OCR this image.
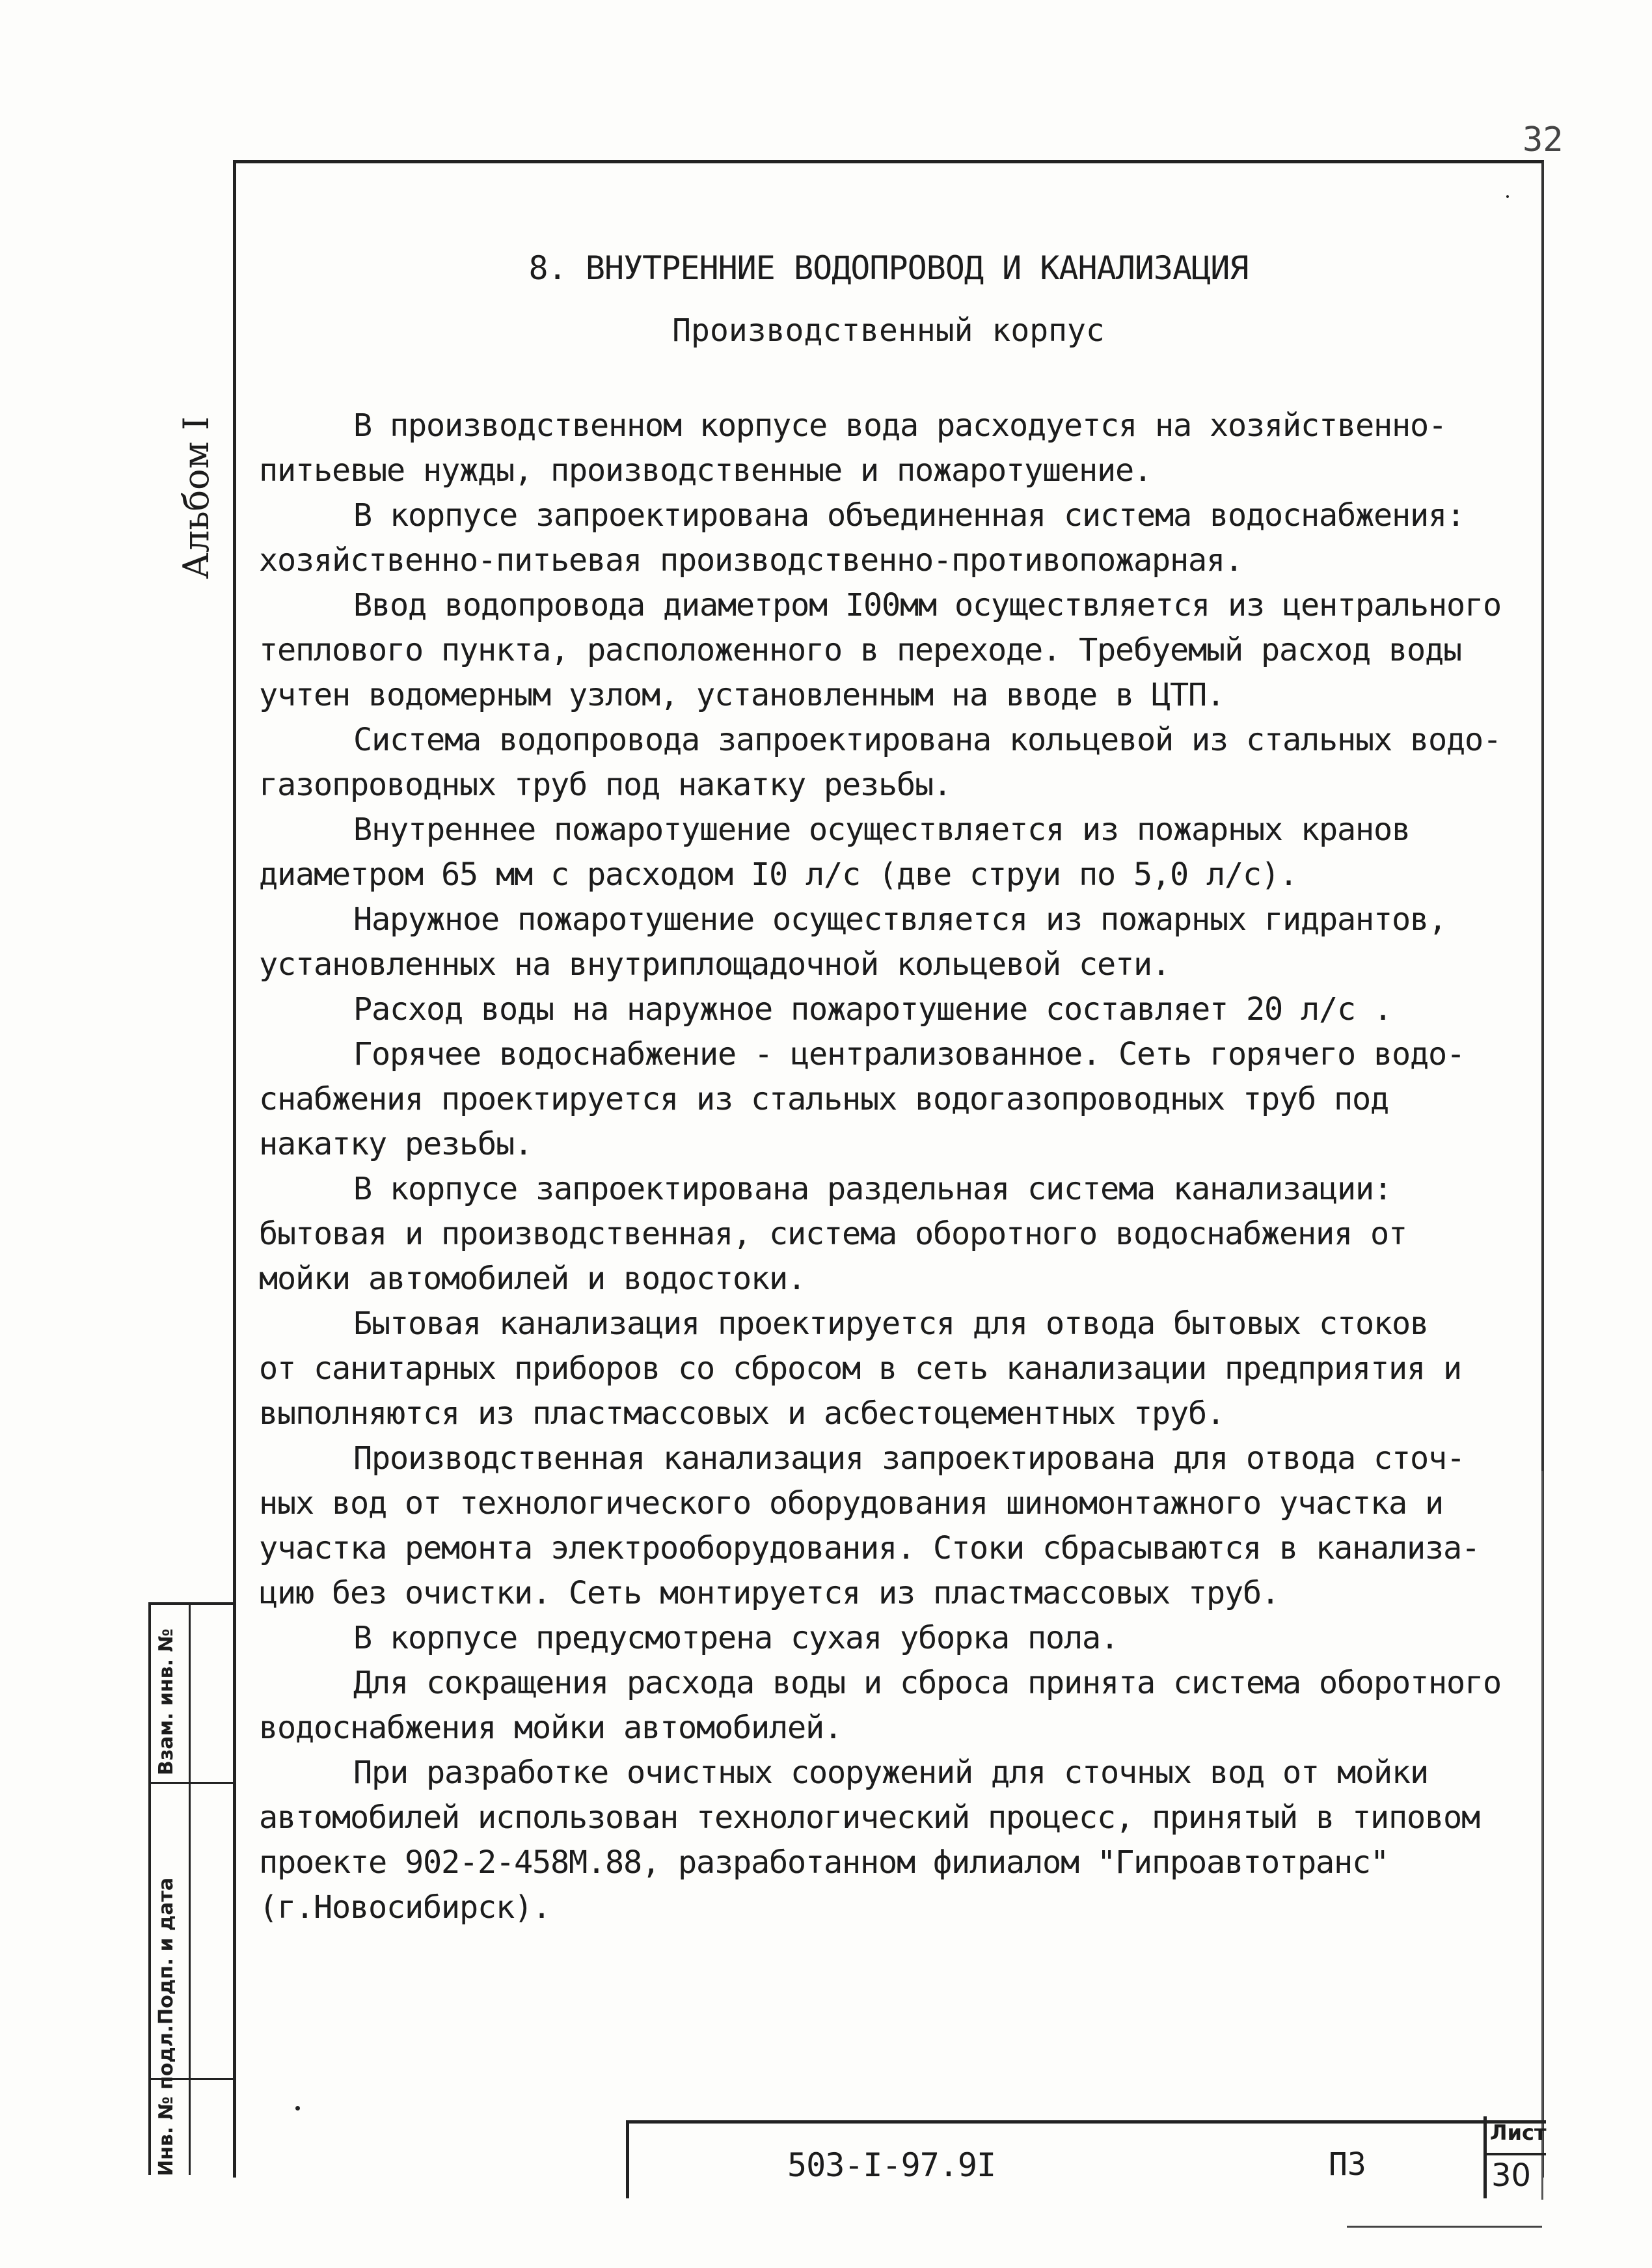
32
Альбом I
8. ВНУТРЕННИЕ ВОДОПРОВОД И КАНАЛИЗАЦИЯ
Производственный корпус

В производственном корпусе вода расходуется на хозяйственно-
питьевые нужды, производственные и пожаротушение.

В корпусе запроектирована объединенная система водоснабжения:
хозяйственно-питьевая производственно-противопожарная.

Ввод водопровода диаметром I00мм осуществляется из центрального
теплового пункта, расположенного в переходе. Требуемый расход воды
учтен водомерным узлом, установленным на вводе в ЦТП.

Система водопровода запроектирована кольцевой из стальных водо-
газопроводных труб под накатку резьбы.

Внутреннее пожаротушение осуществляется из пожарных кранов
диаметром 65 мм с расходом I0 л/с (две струи по 5,0 л/с).

Наружное пожаротушение осуществляется из пожарных гидрантов,
установленных на внутриплощадочной кольцевой сети.

Расход воды на наружное пожаротушение составляет 20 л/с .

Горячее водоснабжение - централизованное. Сеть горячего водо-
снабжения проектируется из стальных водогазопроводных труб под
накатку резьбы.

В корпусе запроектирована раздельная система канализации:
бытовая и производственная, система оборотного водоснабжения от
мойки автомобилей и водостоки.

Бытовая канализация проектируется для отвода бытовых стоков
от санитарных приборов со сбросом в сеть канализации предприятия и
выполняются из пластмассовых и асбестоцементных труб.

Производственная канализация запроектирована для отвода сточ-
ных вод от технологического оборудования шиномонтажного участка и
участка ремонта электрооборудования. Стоки сбрасываются в канализа-
цию без очистки. Сеть монтируется из пластмассовых труб.

В корпусе предусмотрена сухая уборка пола.

Для сокращения расхода воды и сброса принята система оборотного
водоснабжения мойки автомобилей.

При разработке очистных сооружений для сточных вод от мойки
автомобилей использован технологический процесс, принятый в типовом
проекте 902-2-458М.88, разработанном филиалом "Гипроавтотранс"
(г.Новосибирск).

Взам. инв. №
Подп. и дата
Инв. № подл.	503-I-97.9I	ПЗ
Лист
30
